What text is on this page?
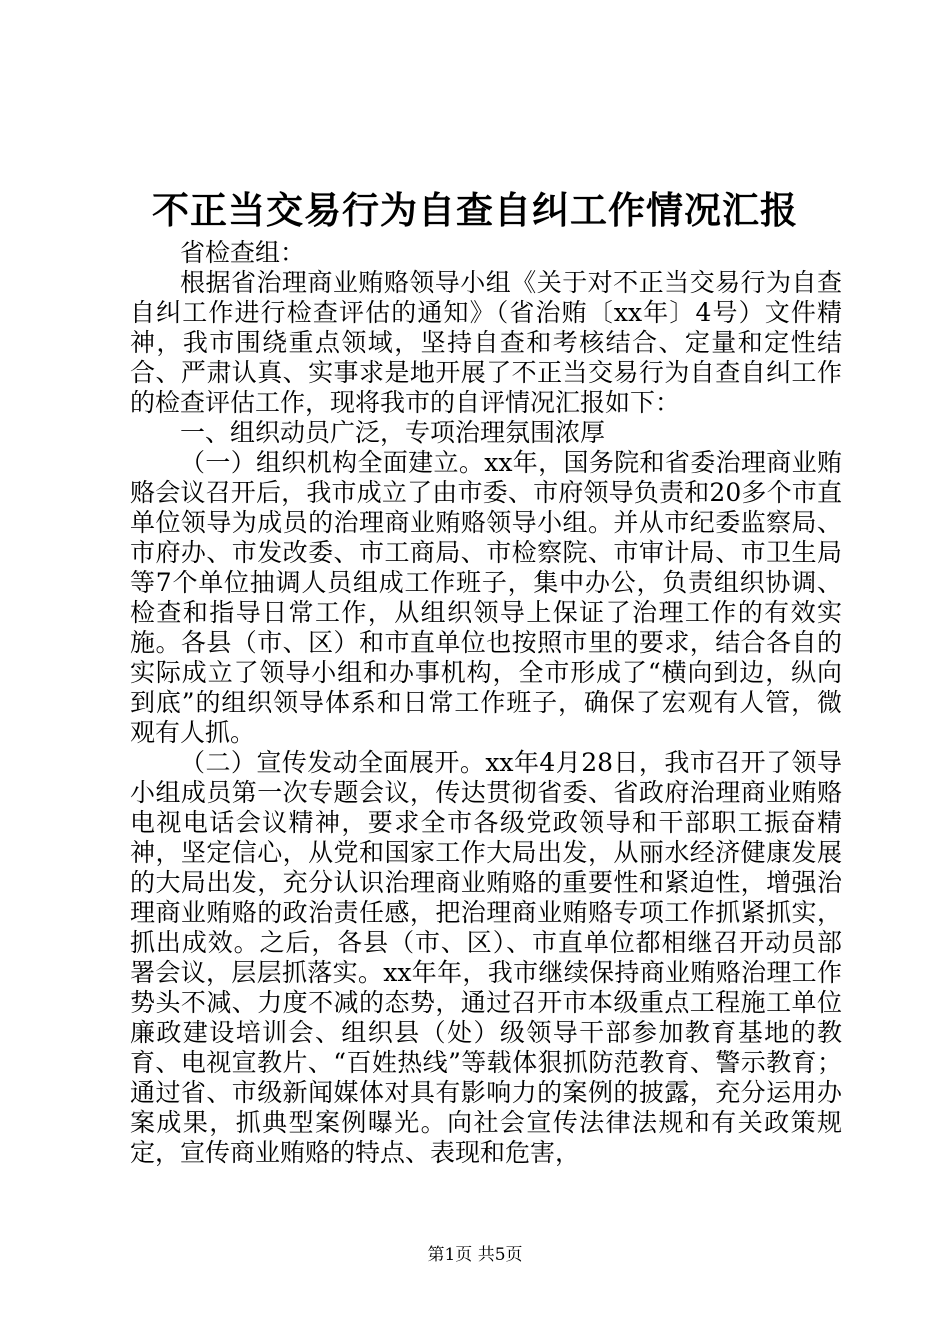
不正当交易行为自查自纠工作情况汇报

省检查组：

根据省治理商业贿赂领导小组《关于对不正当交易行为自查自纠工作进行检查评估的通知》（省治贿〔xx年〕4号）文件精神，我市围绕重点领域，坚持自查和考核结合、定量和定性结合、严肃认真、实事求是地开展了不正当交易行为自查自纠工作的检查评估工作，现将我市的自评情况汇报如下：

一、组织动员广泛，专项治理氛围浓厚

（一）组织机构全面建立。xx年，国务院和省委治理商业贿赂会议召开后，我市成立了由市委、市府领导负责和20多个市直单位领导为成员的治理商业贿赂领导小组。并从市纪委监察局、市府办、市发改委、市工商局、市检察院、市审计局、市卫生局等7个单位抽调人员组成工作班子，集中办公，负责组织协调、检查和指导日常工作，从组织领导上保证了治理工作的有效实施。各县（市、区）和市直单位也按照市里的要求，结合各自的实际成立了领导小组和办事机构，全市形成了“横向到边，纵向到底”的组织领导体系和日常工作班子，确保了宏观有人管，微观有人抓。

（二）宣传发动全面展开。xx年4月28日，我市召开了领导小组成员第一次专题会议，传达贯彻省委、省政府治理商业贿赂电视电话会议精神，要求全市各级党政领导和干部职工振奋精神，坚定信心，从党和国家工作大局出发，从丽水经济健康发展的大局出发，充分认识治理商业贿赂的重要性和紧迫性，增强治理商业贿赂的政治责任感，把治理商业贿赂专项工作抓紧抓实，抓出成效。之后，各县（市、区）、市直单位都相继召开动员部署会议，层层抓落实。xx年年，我市继续保持商业贿赂治理工作势头不减、力度不减的态势，通过召开市本级重点工程施工单位廉政建设培训会、组织县（处）级领导干部参加教育基地的教育、电视宣教片、“百姓热线”等载体狠抓防范教育、警示教育；通过省、市级新闻媒体对具有影响力的案例的披露，充分运用办案成果，抓典型案例曝光。向社会宣传法律法规和有关政策规定，宣传商业贿赂的特点、表现和危害，

第1页 共5页
